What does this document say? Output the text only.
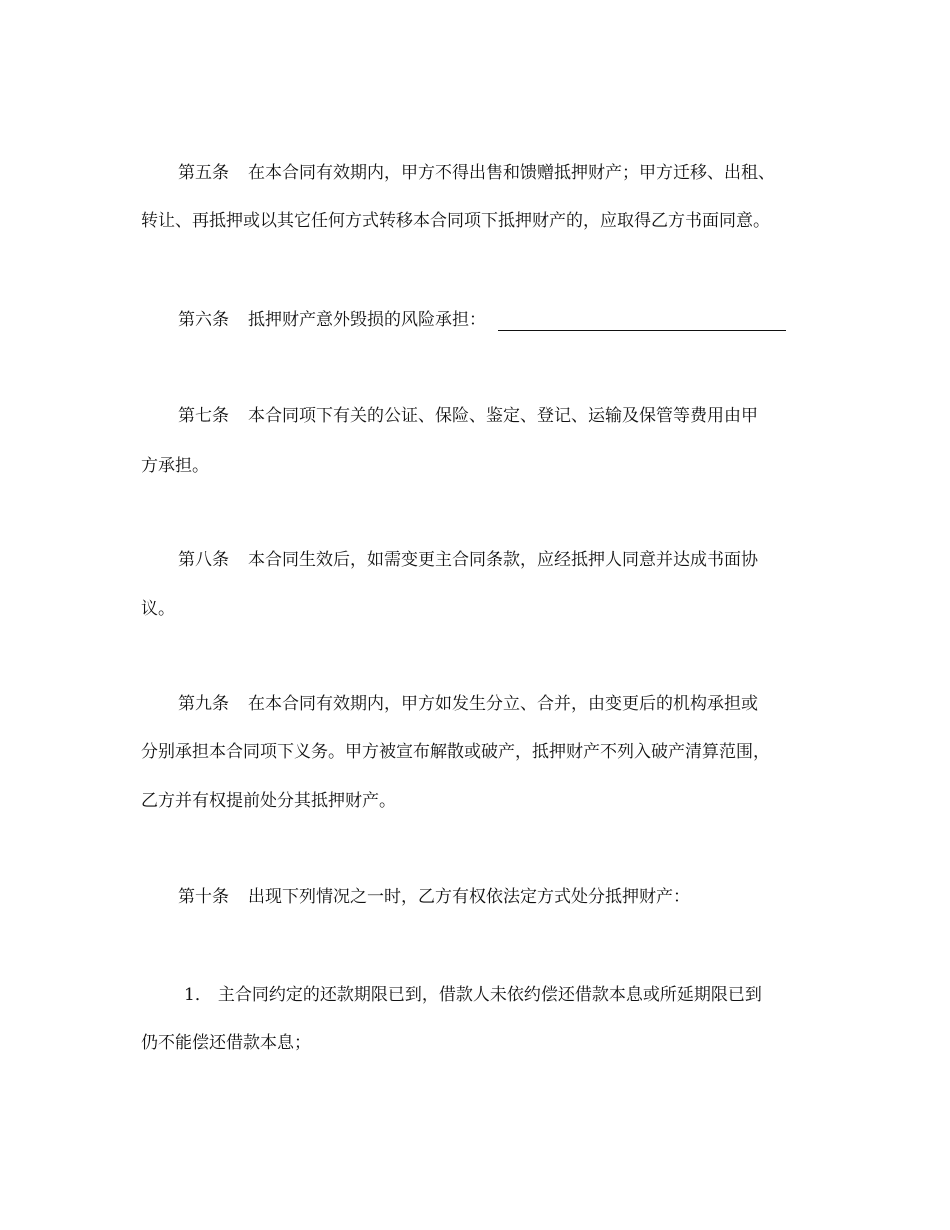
第五条 在本合同有效期内，甲方不得出售和馈赠抵押财产；甲方迁移、出租、
转让、再抵押或以其它任何方式转移本合同项下抵押财产的，应取得乙方书面同意。
第六条 抵押财产意外毁损的风险承担：
第七条 本合同项下有关的公证、保险、鉴定、登记、运输及保管等费用由甲
方承担。
第八条 本合同生效后，如需变更主合同条款，应经抵押人同意并达成书面协
议。
第九条 在本合同有效期内，甲方如发生分立、合并，由变更后的机构承担或
分别承担本合同项下义务。甲方被宣布解散或破产，抵押财产不列入破产清算范围，
乙方并有权提前处分其抵押财产。
第十条 出现下列情况之一时，乙方有权依法定方式处分抵押财产：
1． 主合同约定的还款期限已到，借款人未依约偿还借款本息或所延期限已到
仍不能偿还借款本息；
